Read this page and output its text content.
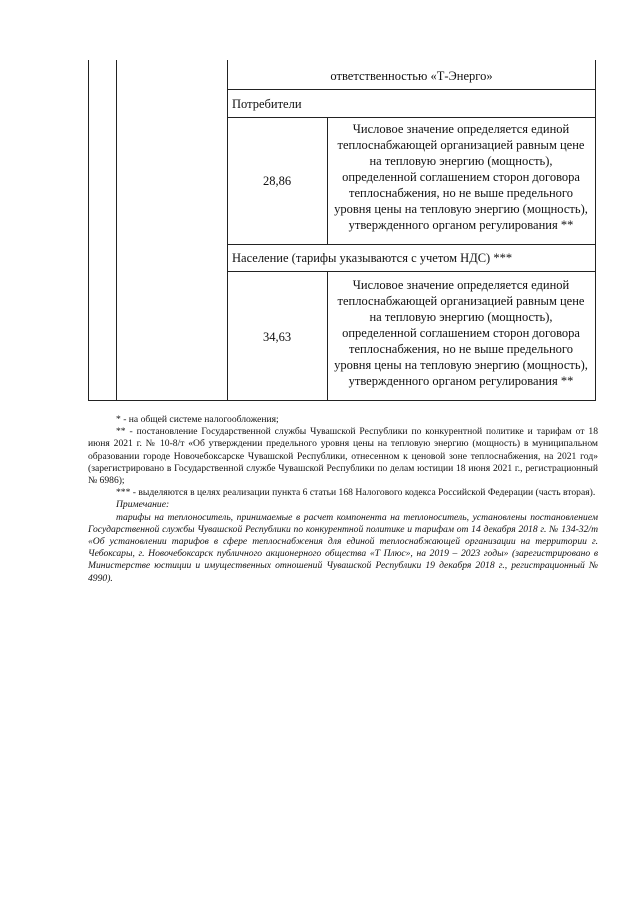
ответственностью «Т-Энерго»
Потребители
28,86
Числовое значение определяется единой теплоснабжающей организацией равным цене на тепловую энергию (мощность), определенной соглашением сторон договора теплоснабжения, но не выше предельного уровня цены на тепловую энергию (мощность), утвержденного органом регулирования **
Население (тарифы указываются с учетом НДС) ***
34,63
Числовое значение определяется единой теплоснабжающей организацией равным цене на тепловую энергию (мощность), определенной соглашением сторон договора теплоснабжения, но не выше предельного уровня цены на тепловую энергию (мощность), утвержденного органом регулирования **

* - на общей системе налогообложения;

** - постановление Государственной службы Чувашской Республики по конкурентной политике и тарифам от 18 июня 2021 г. № 10-8/т «Об утверждении предельного уровня цены на тепловую энергию (мощность) в муниципальном образовании городе Новочебоксарске Чувашской Республики, отнесенном к ценовой зоне теплоснабжения, на 2021 год» (зарегистрировано в Государственной службе Чувашской Республики по делам юстиции 18 июня 2021 г., регистрационный № 6986);

*** - выделяются в целях реализации пункта 6 статьи 168 Налогового кодекса Российской Федерации (часть вторая).

Примечание:

тарифы на теплоноситель, принимаемые в расчет компонента на теплоноситель, установлены постановлением Государственной службы Чувашской Республики по конкурентной политике и тарифам от 14 декабря 2018 г. № 134-32/т «Об установлении тарифов в сфере теплоснабжения для единой теплоснабжающей организации на территории г. Чебоксары, г. Новочебоксарск публичного акционерного общества «Т Плюс», на 2019 – 2023 годы» (зарегистрировано в Министерстве юстиции и имущественных отношений Чувашской Республики 19 декабря 2018 г., регистрационный № 4990).
